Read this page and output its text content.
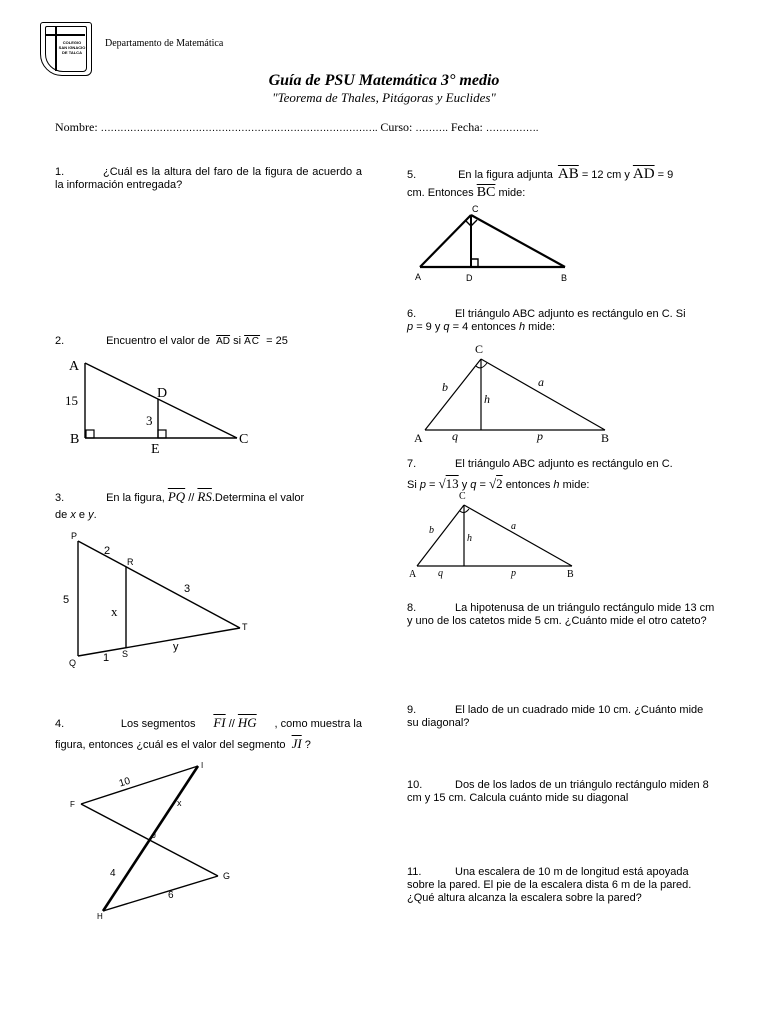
COLEGIO
SAN IGNACIO
DE TALCA
Departamento de Matemática
Guía de PSU Matemática 3° medio
"Teorema de Thales, Pitágoras y Euclides"
Nombre: …………………………………………………………………………. Curso: ………. Fecha: …………….
1.	¿Cuál es la altura del faro de la figura de acuerdo a la información entregada?
2.	Encuentro el valor de $\overline{AD}$ si $\overline{AC} = 25$
A
B	C
D
E
15
3
3.	En la figura, $\overline{PQ}$ // $\overline{RS}.Determina$ el valor
de x e y.
P
Q
R
S
T
2
3
5
x
1
y
4.	Los segmentos $\overline{FI} // \overline{HG}$ , como muestra la
figura, entonces ¿cuál es el valor del segmento $\overline{JI}$ ?
I
F
J
G
H
10
x
4
6
5.	En la figura adjunta $\overline{AB} = 12$ cm y $\overline{AD} = 9$
cm. Entonces $\overline{BC}$ mide:
A	B
C
D
6.	El triángulo ABC adjunto es rectángulo en C. Si
p = 9 y q = 4 entonces h mide:
C
A	B
b	a
h
q	p
7.	El triángulo ABC adjunto es rectángulo en C.
Si p = √13 y q = √2 entonces h mide:
C
A	B
b	a
h
q	p
8.	La hipotenusa de un triángulo rectángulo mide 13 cm y uno de los catetos mide 5 cm. ¿Cuánto mide el otro cateto?
9.	El lado de un cuadrado mide 10 cm. ¿Cuánto mide su diagonal?
10.	Dos de los lados de un triángulo rectángulo miden 8 cm y 15 cm. Calcula cuánto mide su diagonal
11.	Una escalera de 10 m de longitud está apoyada sobre la pared. El pie de la escalera dista 6 m de la pared. ¿Qué altura alcanza la escalera sobre la pared?
